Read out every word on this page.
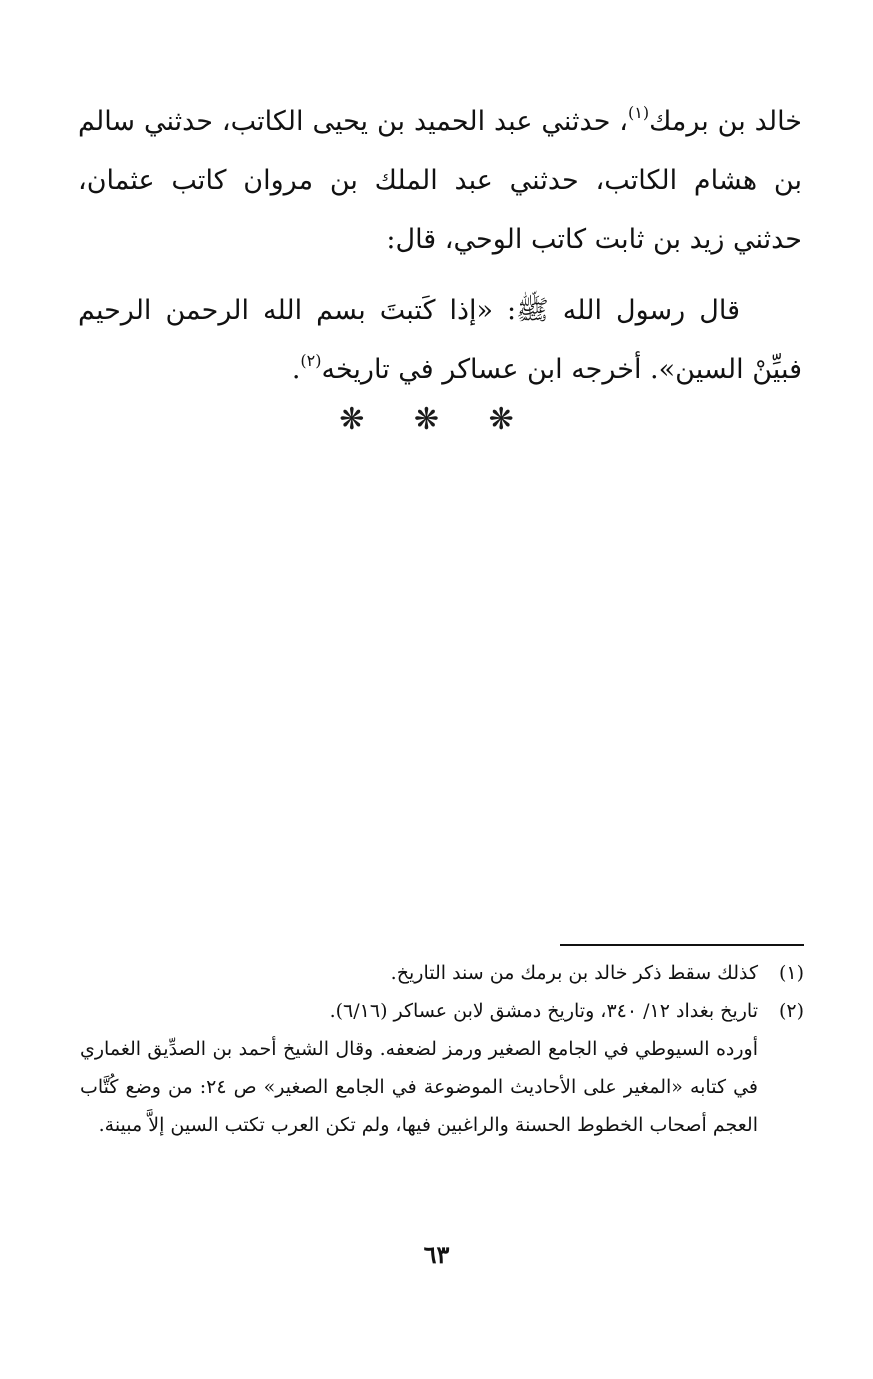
خالد بن برمك$^{(١)}$، حدثني عبد الحميد بن يحيى الكاتب، حدثني سالم بن هشام الكاتب، حدثني عبد الملك بن مروان كاتب عثمان، حدثني زيد بن ثابت كاتب الوحي، قال:

قال رسول الله ﷺ: «إذا كَتبتَ بسم الله الرحمن الرحيم فبيِّنْ السين». أخرجه ابن عساكر في تاريخه$^{(٢)}$.

❋ ❋ ❋
(١)
كذلك سقط ذكر خالد بن برمك من سند التاريخ.
(٢)
تاريخ بغداد ١٢/ ٣٤٠، وتاريخ دمشق لابن عساكر (٦/١٦).
أورده السيوطي في الجامع الصغير ورمز لضعفه. وقال الشيخ أحمد بن الصدِّيق الغماري في كتابه «المغير على الأحاديث الموضوعة في الجامع الصغير» ص ٢٤: من وضع كُتَّاب العجم أصحاب الخطوط الحسنة والراغبين فيها، ولم تكن العرب تكتب السين إلاَّ مبينة.
٦٣
